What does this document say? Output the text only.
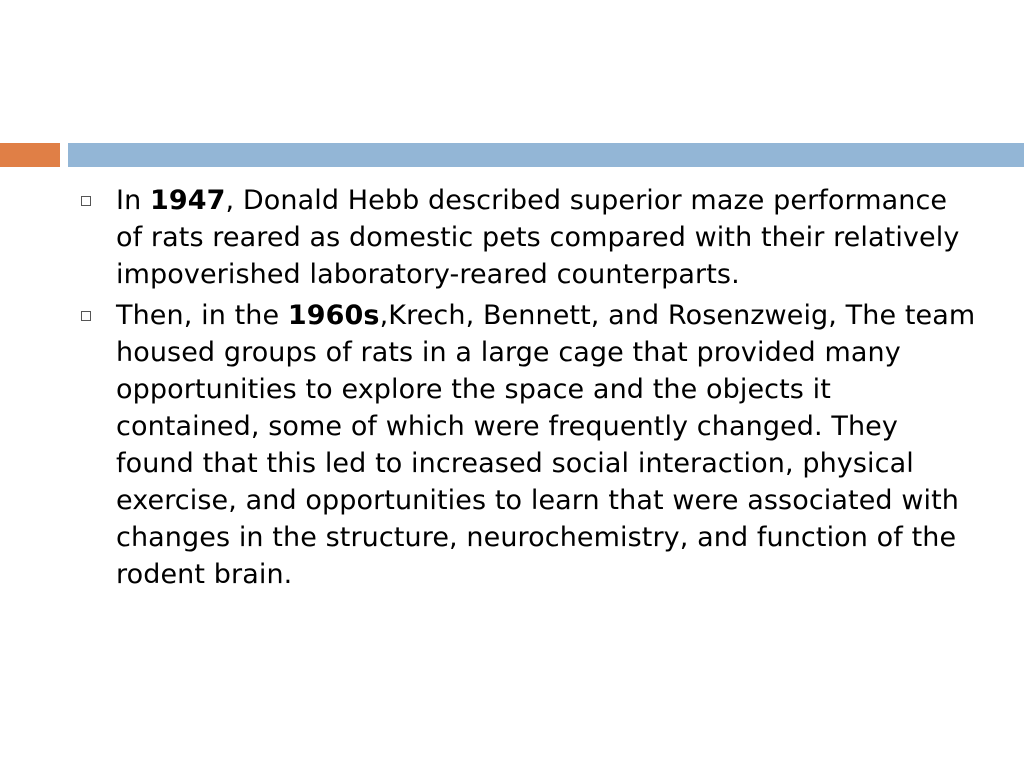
In 1947, Donald Hebb described superior maze performance of rats reared as domestic pets compared with their relatively impoverished laboratory-reared counterparts.
Then, in the 1960s,Krech, Bennett, and Rosenzweig, The team housed groups of rats in a large cage that provided many opportunities to explore the space and the objects it contained, some of which were frequently changed. They found that this led to increased social interaction, physical exercise, and opportunities to learn that were associated with changes in the structure, neurochemistry, and function of the rodent brain.
